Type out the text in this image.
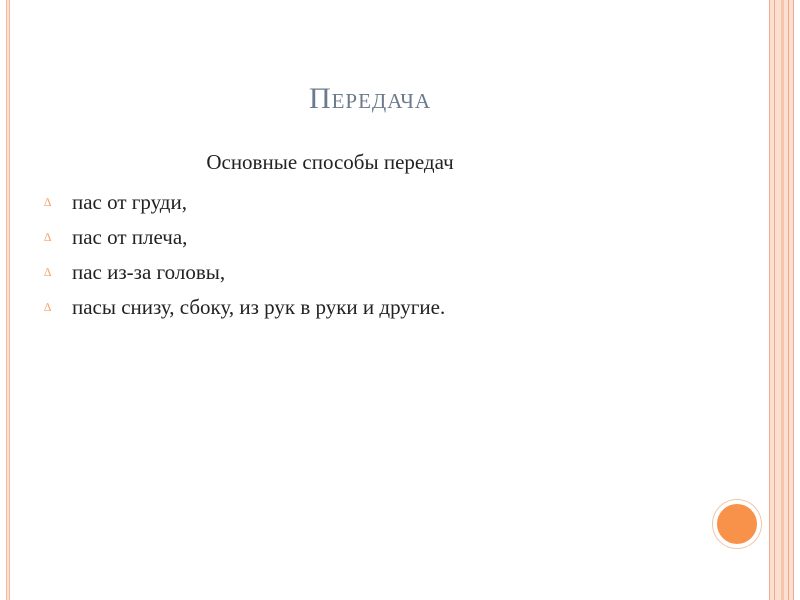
Передача
Основные способы передач
∆ пас от груди,
∆ пас от плеча,
∆ пас из-за головы,
∆ пасы снизу, сбоку, из рук в руки и другие.
